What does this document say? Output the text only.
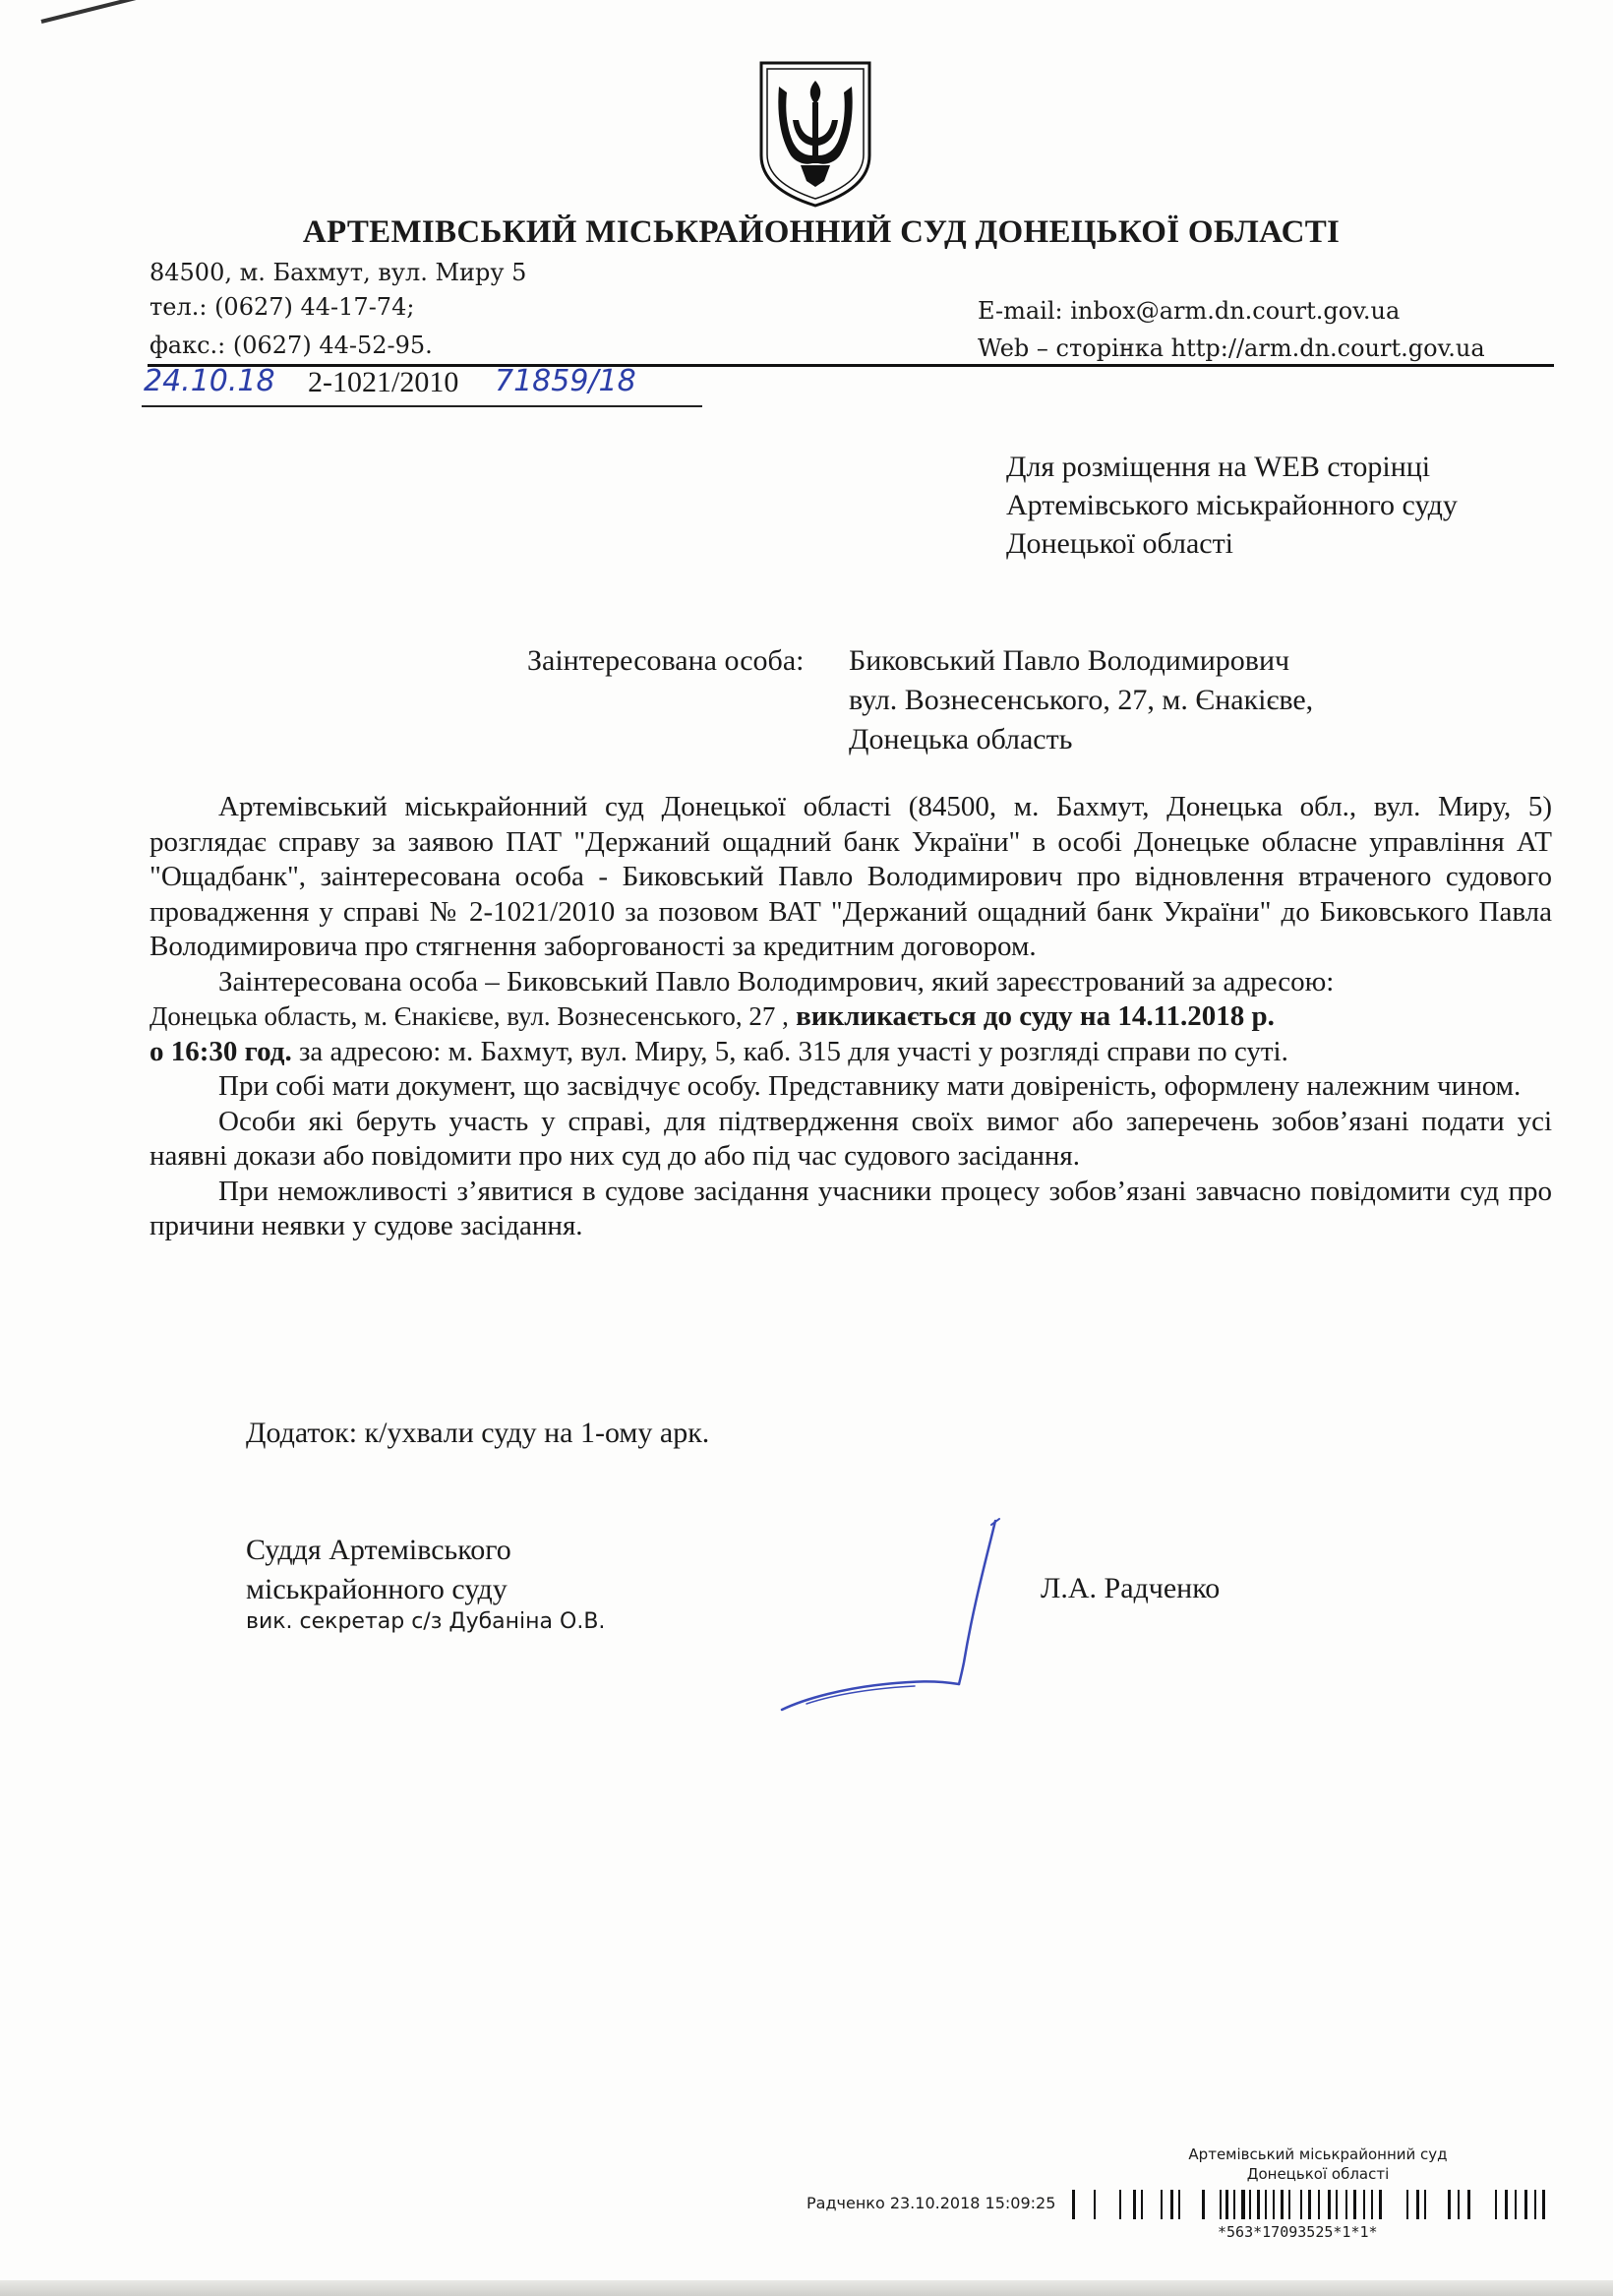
АРТЕМІВСЬКИЙ МІСЬКРАЙОННИЙ СУД ДОНЕЦЬКОЇ ОБЛАСТІ
84500, м. Бахмут, вул. Миру 5
тел.: (0627) 44-17-74;
факс.: (0627) 44-52-95.
E-mail: inbox@arm.dn.court.gov.ua
Web – сторінка http://arm.dn.court.gov.ua
24.10.18 2-1021/2010 71859/18
Для розміщення на WEB сторінці
Артемівського міськрайонного суду
Донецької області
Заінтересована особа: Биковський Павло Володимирович
вул. Вознесенського, 27, м. Єнакієве,
Донецька область

Артемівський міськрайонний суд Донецької області (84500, м. Бахмут, Донецька обл., вул. Миру, 5) розглядає справу за заявою ПАТ "Держаний ощадний банк України" в особі Донецьке обласне управління АТ "Ощадбанк", заінтересована особа - Биковський Павло Володимирович про відновлення втраченого судового провадження у справі № 2-1021/2010 за позовом ВАТ "Держаний ощадний банк України" до Биковського Павла Володимировича про стягнення заборгованості за кредитним договором.

Заінтересована особа – Биковський Павло Володимрович, який зареєстрований за адресою:

Донецька область, м. Єнакієве, вул. Вознесенського, 27 , викликається до суду на 14.11.2018 р.
о 16:30 год. за адресою: м. Бахмут, вул. Миру, 5, каб. 315 для участі у розгляді справи по суті.

При собі мати документ, що засвідчує особу. Представнику мати довіреність, оформлену належним чином.

Особи які беруть участь у справі, для підтвердження своїх вимог або заперечень зобов’язані подати усі наявні докази або повідомити про них суд до або під час судового засідання.

При неможливості з’явитися в судове засідання учасники процесу зобов’язані завчасно повідомити суд про причини неявки у судове засідання.

Додаток: к/ухвали суду на 1-ому арк.
Суддя Артемівського
міськрайонного суду
вик. секретар с/з Дубаніна О.В.
Л.А. Радченко
Артемівський міськрайонний суд
Донецької області
Радченко 23.10.2018 15:09:25
*563*17093525*1*1*
